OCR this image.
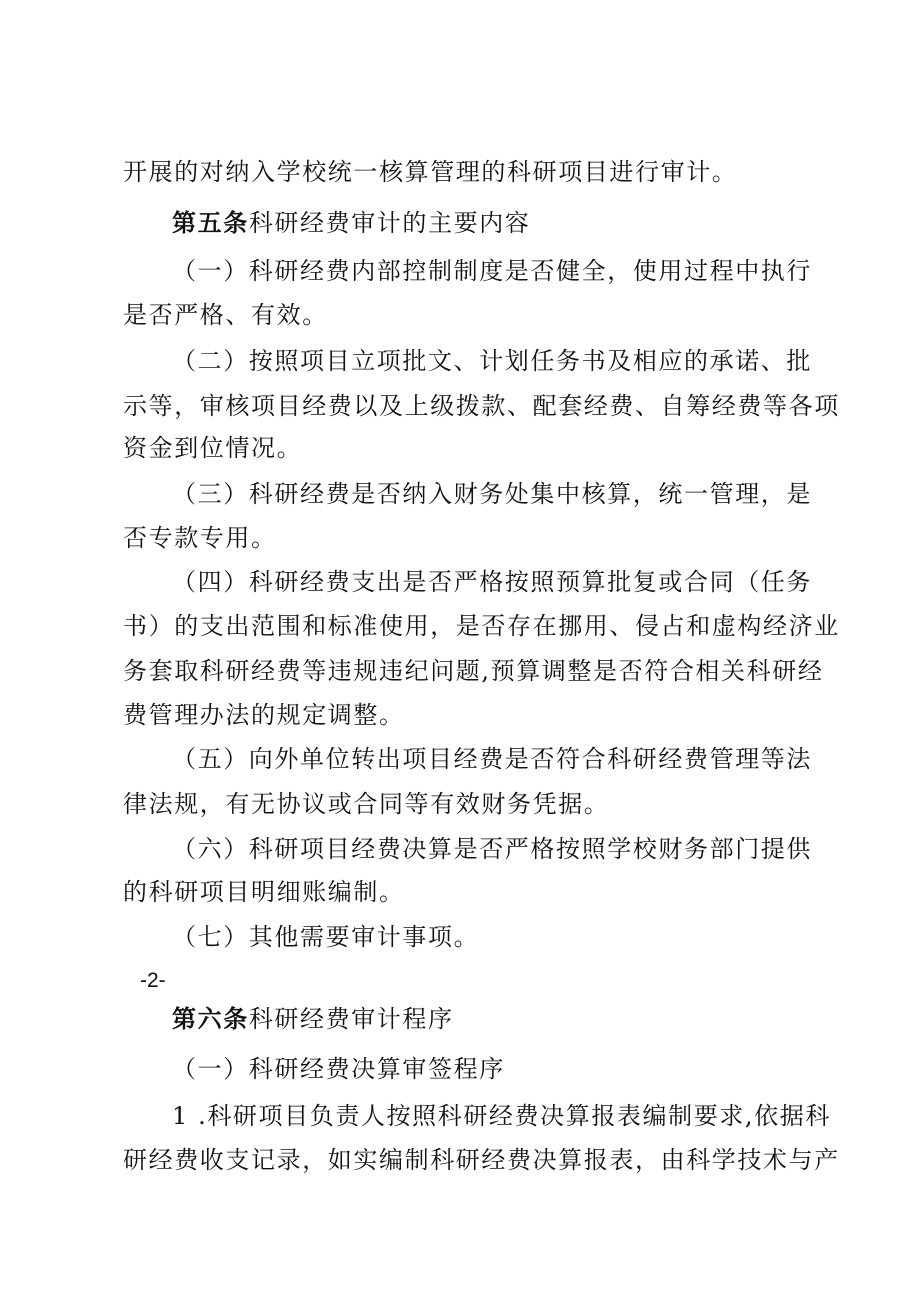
开展的对纳入学校统一核算管理的科研项目进行审计。
第五条科研经费审计的主要内容
（一）科研经费内部控制制度是否健全，使用过程中执行
是否严格、有效。
（二）按照项目立项批文、计划任务书及相应的承诺、批
示等，审核项目经费以及上级拨款、配套经费、自筹经费等各项
资金到位情况。
（三）科研经费是否纳入财务处集中核算，统一管理，是
否专款专用。
（四）科研经费支出是否严格按照预算批复或合同（任务
书）的支出范围和标准使用，是否存在挪用、侵占和虚构经济业
务套取科研经费等违规违纪问题,预算调整是否符合相关科研经
费管理办法的规定调整。
（五）向外单位转出项目经费是否符合科研经费管理等法
律法规，有无协议或合同等有效财务凭据。
（六）科研项目经费决算是否严格按照学校财务部门提供
的科研项目明细账编制。
（七）其他需要审计事项。
-2-
第六条科研经费审计程序
（一）科研经费决算审签程序
1 .科研项目负责人按照科研经费决算报表编制要求,依据科
研经费收支记录，如实编制科研经费决算报表，由科学技术与产
